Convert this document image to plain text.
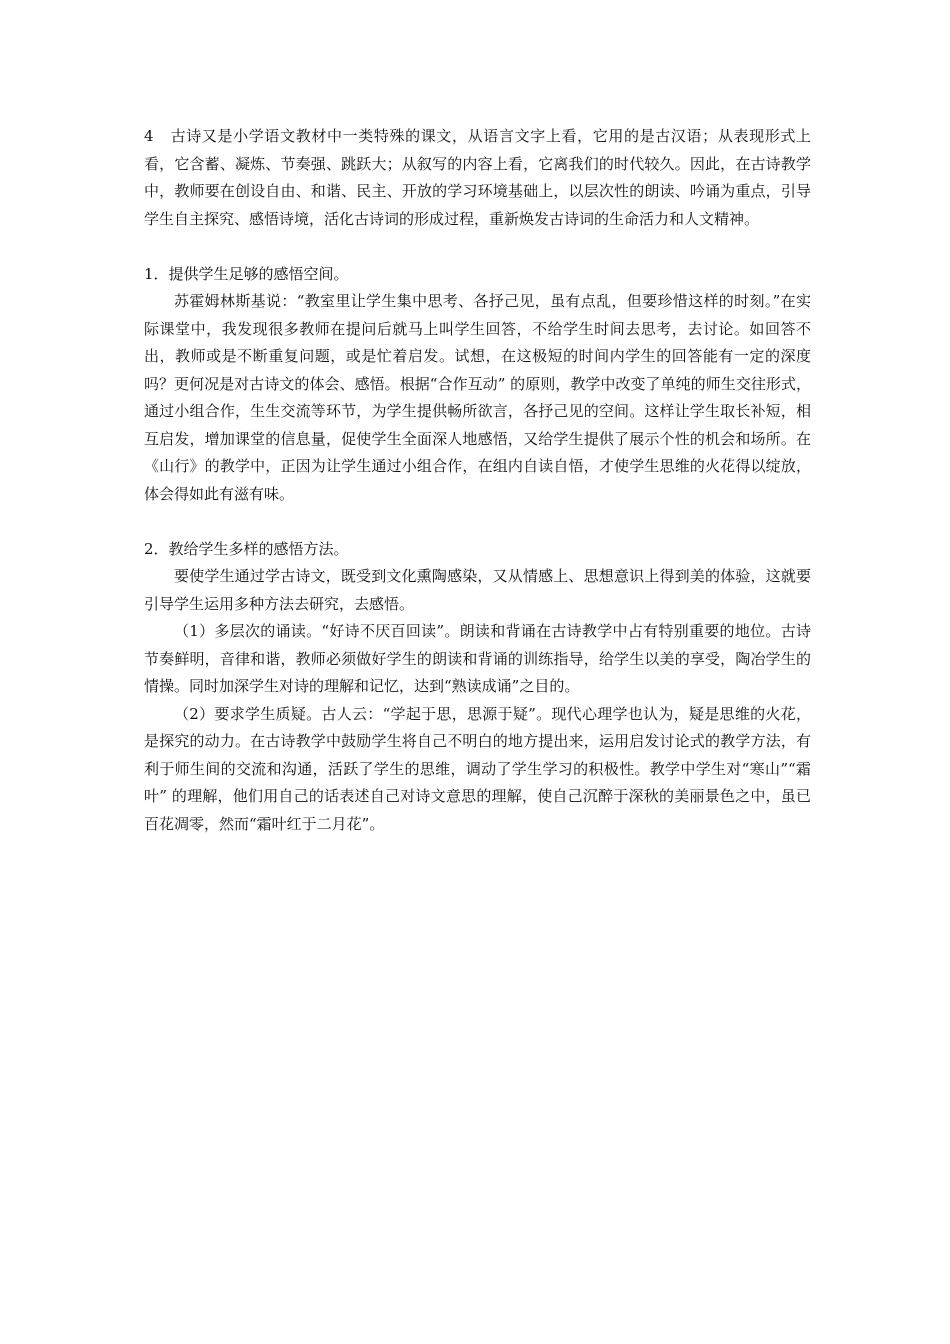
4 古诗又是小学语文教材中一类特殊的课文，从语言文字上看，它用的是古汉语；从表现形式上看，它含蓄、凝炼、节奏强、跳跃大；从叙写的内容上看，它离我们的时代较久。因此，在古诗教学中，教师要在创设自由、和谐、民主、开放的学习环境基础上，以层次性的朗读、吟诵为重点，引导学生自主探究、感悟诗境，活化古诗词的形成过程，重新焕发古诗词的生命活力和人文精神。

1．提供学生足够的感悟空间。

苏霍姆林斯基说：“教室里让学生集中思考、各抒己见，虽有点乱，但要珍惜这样的时刻。”在实际课堂中，我发现很多教师在提问后就马上叫学生回答，不给学生时间去思考，去讨论。如回答不出，教师或是不断重复问题，或是忙着启发。试想，在这极短的时间内学生的回答能有一定的深度吗？更何况是对古诗文的体会、感悟。根据“合作互动” 的原则，教学中改变了单纯的师生交往形式，通过小组合作，生生交流等环节，为学生提供畅所欲言，各抒己见的空间。这样让学生取长补短，相互启发，增加课堂的信息量，促使学生全面深人地感悟，又给学生提供了展示个性的机会和场所。在《山行》的教学中，正因为让学生通过小组合作，在组内自读自悟，才使学生思维的火花得以绽放，体会得如此有滋有味。

2．教给学生多样的感悟方法。

要使学生通过学古诗文，既受到文化熏陶感染，又从情感上、思想意识上得到美的体验，这就要引导学生运用多种方法去研究，去感悟。

（1）多层次的诵读。“好诗不厌百回读”。朗读和背诵在古诗教学中占有特别重要的地位。古诗节奏鲜明，音律和谐，教师必须做好学生的朗读和背诵的训练指导，给学生以美的享受，陶冶学生的情操。同时加深学生对诗的理解和记忆，达到“熟读成诵”之目的。

（2）要求学生质疑。古人云：“学起于思，思源于疑”。现代心理学也认为，疑是思维的火花，是探究的动力。在古诗教学中鼓励学生将自己不明白的地方提出来，运用启发讨论式的教学方法，有利于师生间的交流和沟通，活跃了学生的思维，调动了学生学习的积极性。教学中学生对“寒山”“霜叶” 的理解，他们用自己的话表述自己对诗文意思的理解，使自己沉醉于深秋的美丽景色之中，虽已百花凋零，然而“霜叶红于二月花”。
